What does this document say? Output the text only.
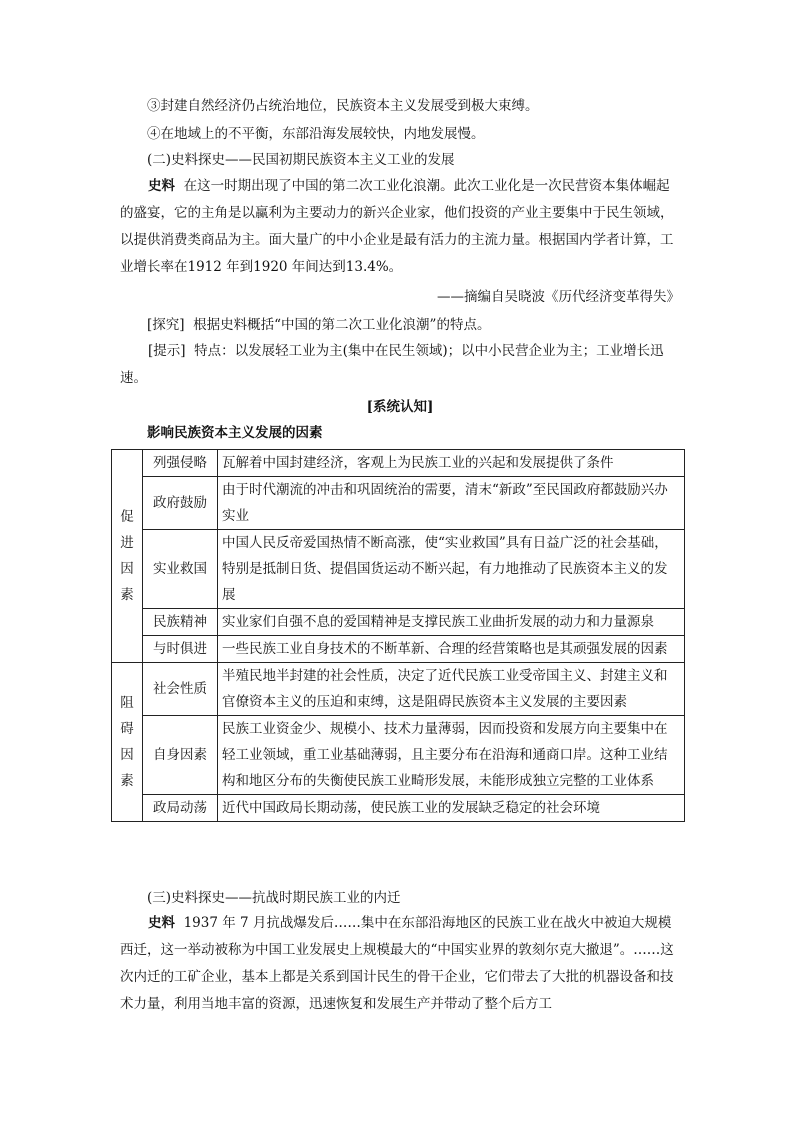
③封建自然经济仍占统治地位，民族资本主义发展受到极大束缚。
④在地域上的不平衡，东部沿海发展较快，内地发展慢。
(二)史料探史——民国初期民族资本主义工业的发展
史料 在这一时期出现了中国的第二次工业化浪潮。此次工业化是一次民营资本集体崛起的盛宴，它的主角是以赢利为主要动力的新兴企业家，他们投资的产业主要集中于民生领域，以提供消费类商品为主。面大量广的中小企业是最有活力的主流力量。根据国内学者计算，工业增长率在1912 年到1920 年间达到13.4%。
——摘编自吴晓波《历代经济变革得失》
[探究] 根据史料概括“中国的第二次工业化浪潮”的特点。
[提示] 特点：以发展轻工业为主(集中在民生领域)；以中小民营企业为主；工业增长迅速。
[系统认知]
影响民族资本主义发展的因素
促
进
因
素	列强侵略	瓦解着中国封建经济，客观上为民族工业的兴起和发展提供了条件
	政府鼓励	由于时代潮流的冲击和巩固统治的需要，清末“新政”至民国政府都鼓励兴办实业
	实业救国	中国人民反帝爱国热情不断高涨，使“实业救国”具有日益广泛的社会基础，特别是抵制日货、提倡国货运动不断兴起，有力地推动了民族资本主义的发展
	民族精神	实业家们自强不息的爱国精神是支撑民族工业曲折发展的动力和力量源泉
	与时俱进	一些民族工业自身技术的不断革新、合理的经营策略也是其顽强发展的因素

阻
碍
因
素	社会性质	半殖民地半封建的社会性质，决定了近代民族工业受帝国主义、封建主义和官僚资本主义的压迫和束缚，这是阻碍民族资本主义发展的主要因素
	自身因素	民族工业资金少、规模小、技术力量薄弱，因而投资和发展方向主要集中在轻工业领域，重工业基础薄弱，且主要分布在沿海和通商口岸。这种工业结构和地区分布的失衡使民族工业畸形发展，未能形成独立完整的工业体系
	政局动荡	近代中国政局长期动荡，使民族工业的发展缺乏稳定的社会环境
(三)史料探史——抗战时期民族工业的内迁
史料 1937 年 7 月抗战爆发后……集中在东部沿海地区的民族工业在战火中被迫大规模西迁，这一举动被称为中国工业发展史上规模最大的“中国实业界的敦刻尔克大撤退”。……这次内迁的工矿企业，基本上都是关系到国计民生的骨干企业，它们带去了大批的机器设备和技术力量，利用当地丰富的资源，迅速恢复和发展生产并带动了整个后方工
